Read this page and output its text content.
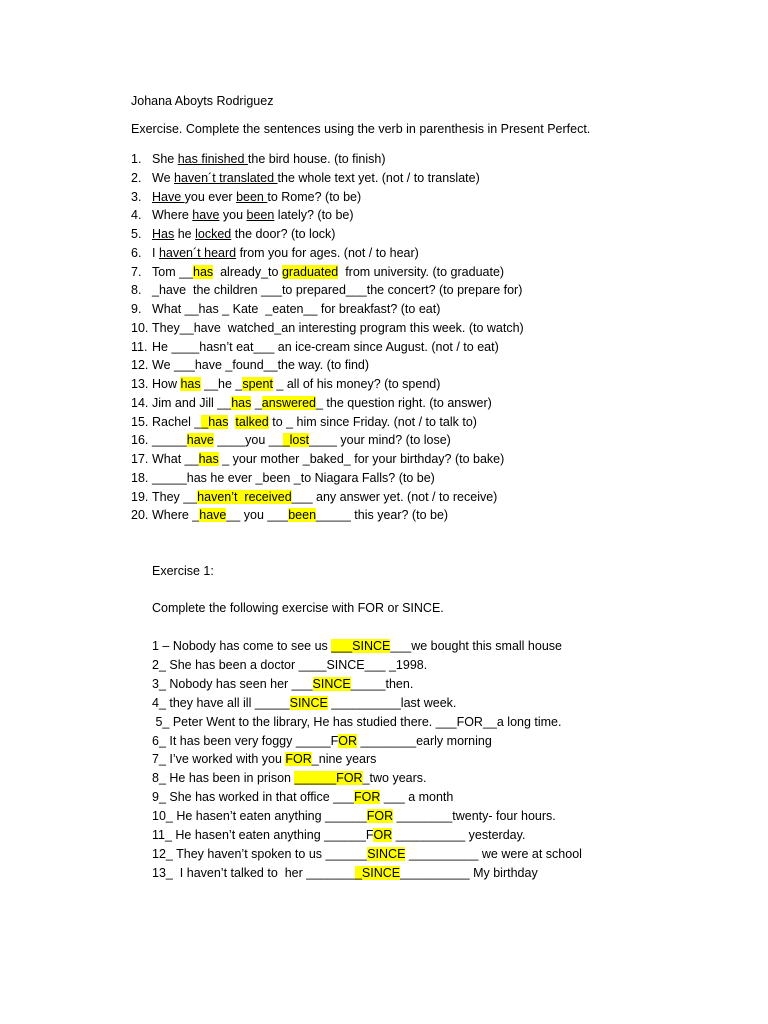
Johana Aboyts Rodriguez
Exercise. Complete the sentences using the verb in parenthesis in Present Perfect.
1. She has finished the bird house. (to finish)
2. We haven´t translated the whole text yet. (not / to translate)
3. Have you ever been to Rome? (to be)
4. Where have you been lately? (to be)
5. Has he locked the door? (to lock)
6. I haven´t heard from you for ages. (not / to hear)
7. Tom __has  already_to graduated  from university. (to graduate)
8. _have  the children ___to prepared___the concert? (to prepare for)
9. What __has _ Kate  _eaten__ for breakfast? (to eat)
10. They__have  watched_an interesting program this week. (to watch)
11. He ____hasn’t eat___ an ice-cream since August. (not / to eat)
12. We ___have _found__the way. (to find)
13. How has __he _spent _ all of his money? (to spend)
14. Jim and Jill __has _answered_ the question right. (to answer)
15. Rachel __has talked to _ him since Friday. (not / to talk to)
16. _____have ____you ___lost____ your mind? (to lose)
17. What __has _ your mother _baked_ for your birthday? (to bake)
18. _____has he ever _been _to Niagara Falls? (to be)
19. They __haven’t  received___ any answer yet. (not / to receive)
20. Where _have__ you ___been_____ this year? (to be)
Exercise 1:
Complete the following exercise with FOR or SINCE.
1 – Nobody has come to see us ___SINCE___we bought this small house
2_ She has been a doctor ____SINCE___ _1998.
3_ Nobody has seen her ___SINCE_____then.
4_ they have all ill _____SINCE __________last week.
5_ Peter Went to the library, He has studied there. ___FOR__a long time.
6_ It has been very foggy _____FOR ________early morning
7_ I’ve worked with you FOR_nine years
8_ He has been in prison ______FOR_two years.
9_ She has worked in that office ___FOR ___ a month
10_ He hasen’t eaten anything ______FOR ________twenty- four hours.
11_ He hasen’t eaten anything ______FOR __________ yesterday.
12_ They haven’t spoken to us ______SINCE __________ we were at school
13_  I haven’t talked to  her ________SINCE__________ My birthday
